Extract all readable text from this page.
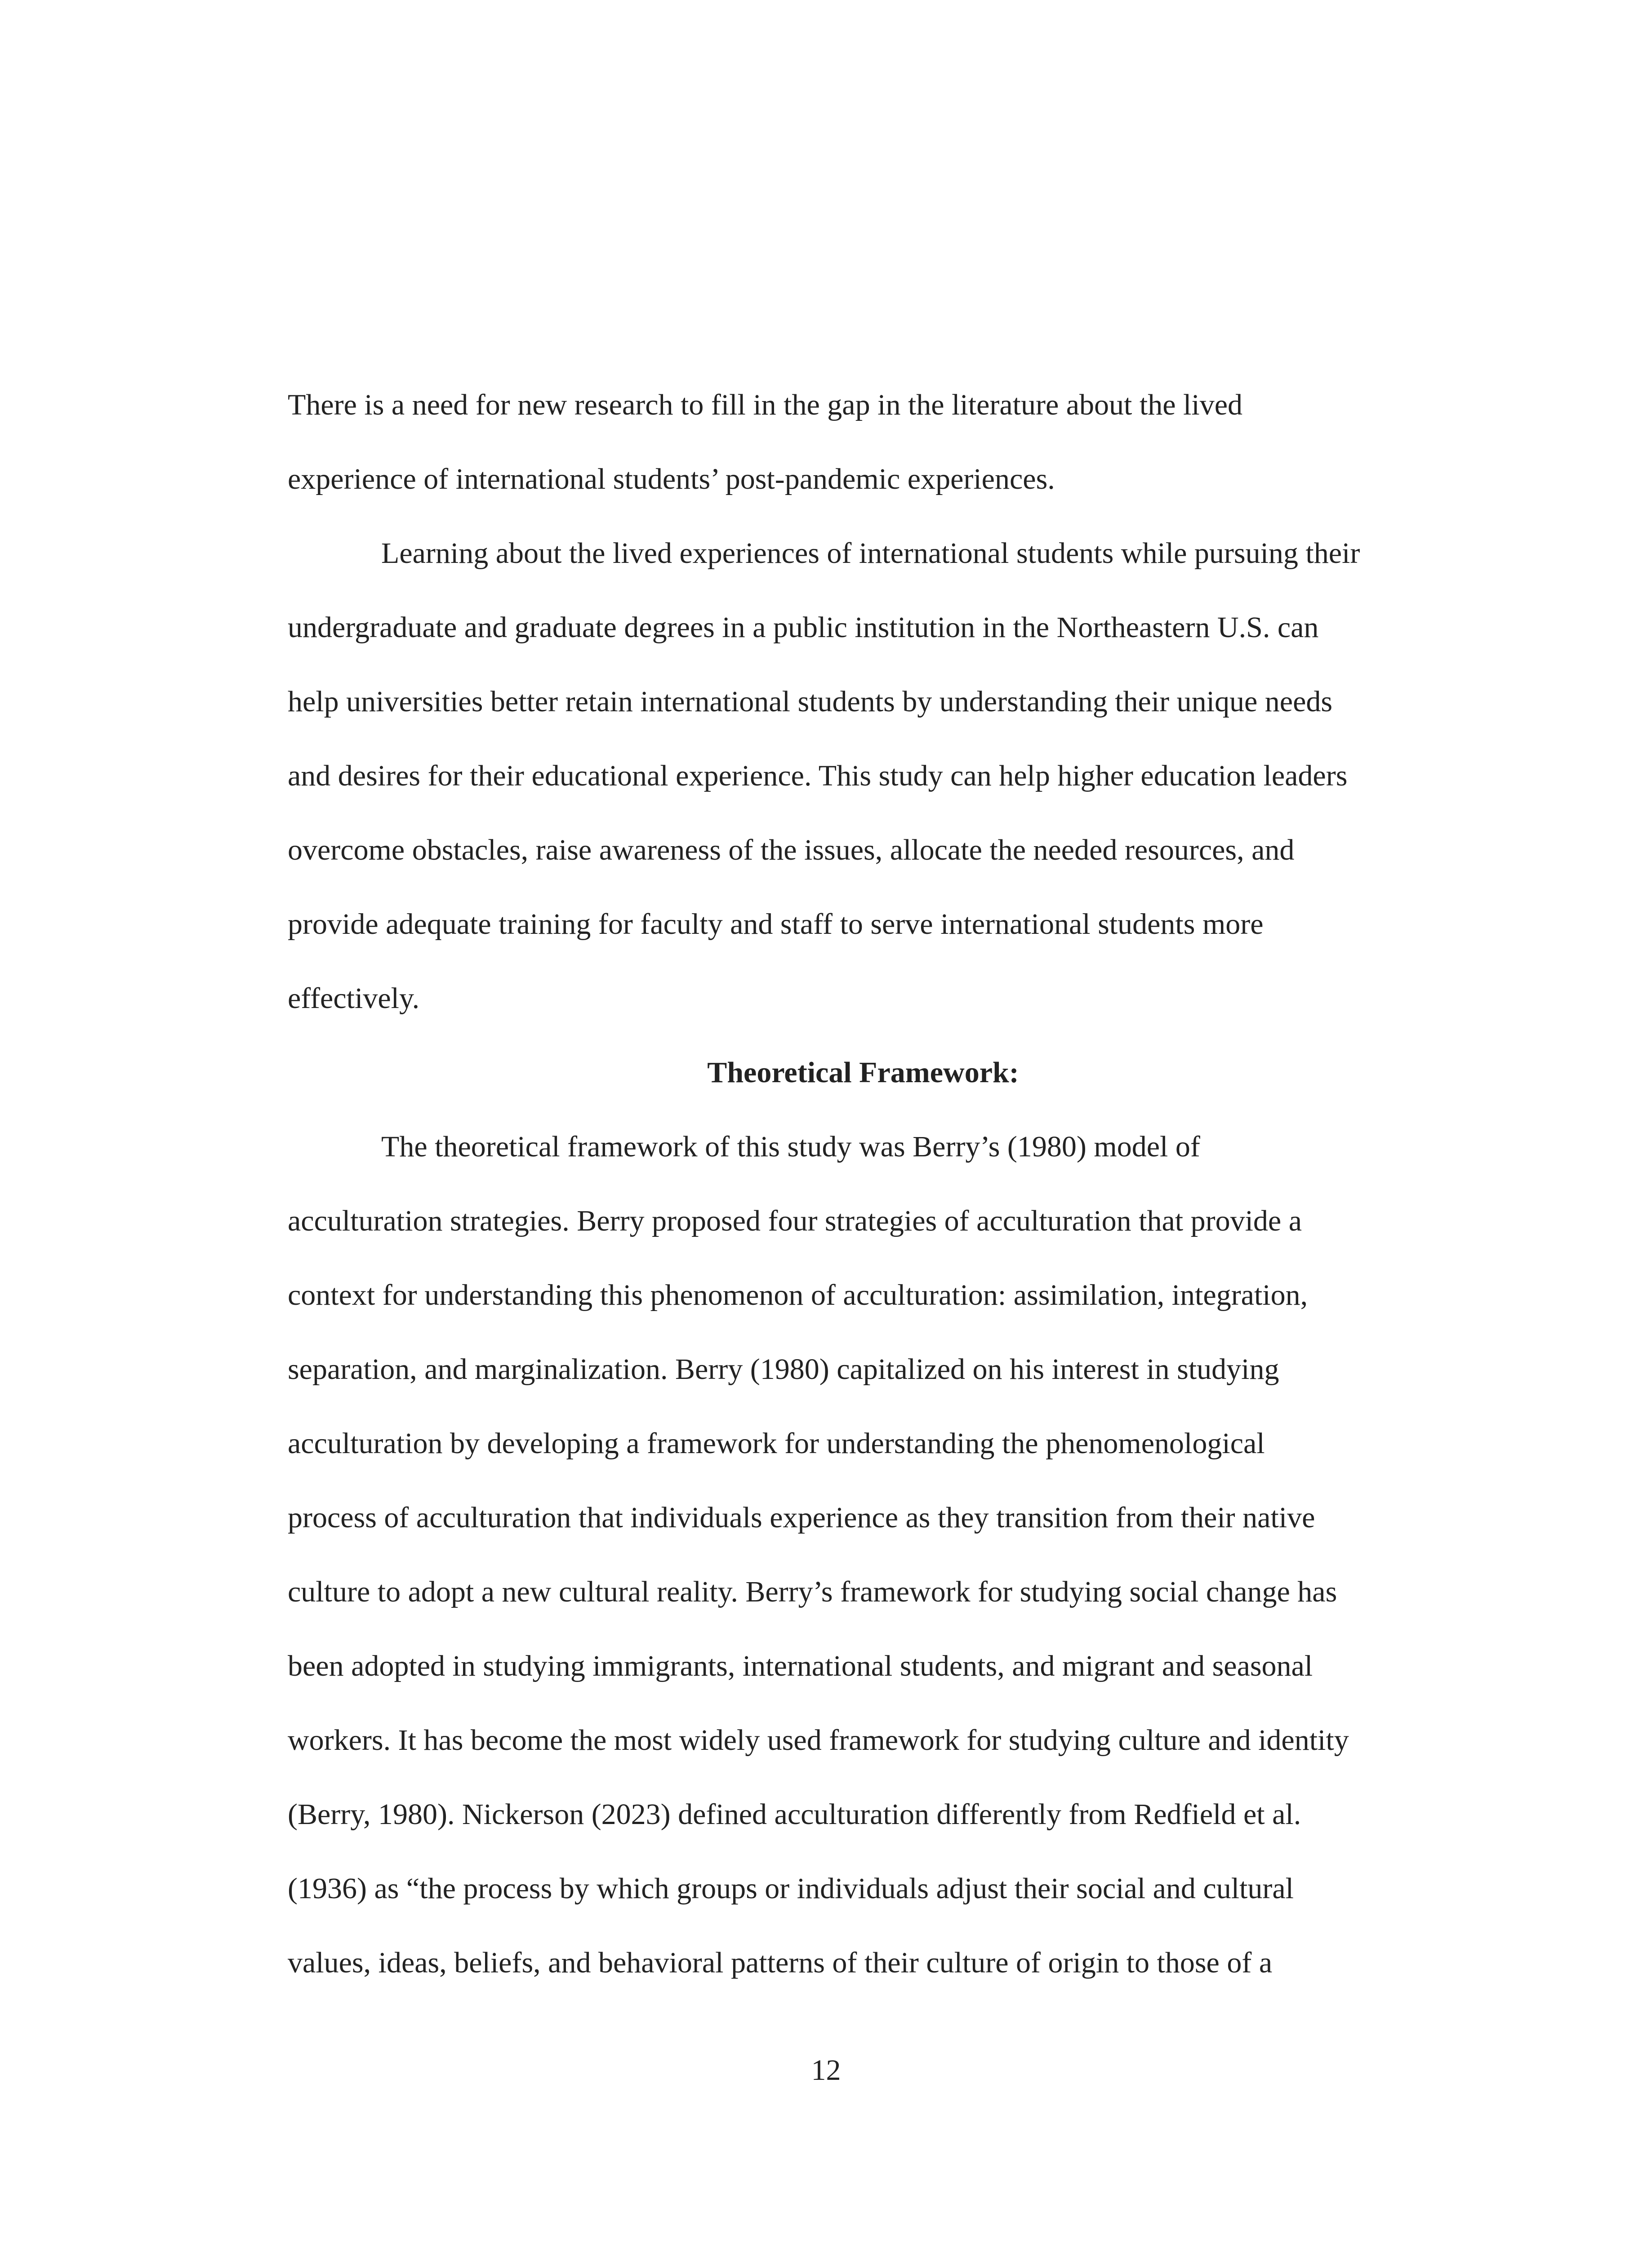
There is a need for new research to fill in the gap in the literature about the lived
experience of international students’ post-pandemic experiences.
Learning about the lived experiences of international students while pursuing their
undergraduate and graduate degrees in a public institution in the Northeastern U.S. can
help universities better retain international students by understanding their unique needs
and desires for their educational experience. This study can help higher education leaders
overcome obstacles, raise awareness of the issues, allocate the needed resources, and
provide adequate training for faculty and staff to serve international students more
effectively.
Theoretical Framework:
The theoretical framework of this study was Berry’s (1980) model of
acculturation strategies. Berry proposed four strategies of acculturation that provide a
context for understanding this phenomenon of acculturation: assimilation, integration,
separation, and marginalization. Berry (1980) capitalized on his interest in studying
acculturation by developing a framework for understanding the phenomenological
process of acculturation that individuals experience as they transition from their native
culture to adopt a new cultural reality. Berry’s framework for studying social change has
been adopted in studying immigrants, international students, and migrant and seasonal
workers. It has become the most widely used framework for studying culture and identity
(Berry, 1980). Nickerson (2023) defined acculturation differently from Redfield et al.
(1936) as “the process by which groups or individuals adjust their social and cultural
values, ideas, beliefs, and behavioral patterns of their culture of origin to those of a
12
